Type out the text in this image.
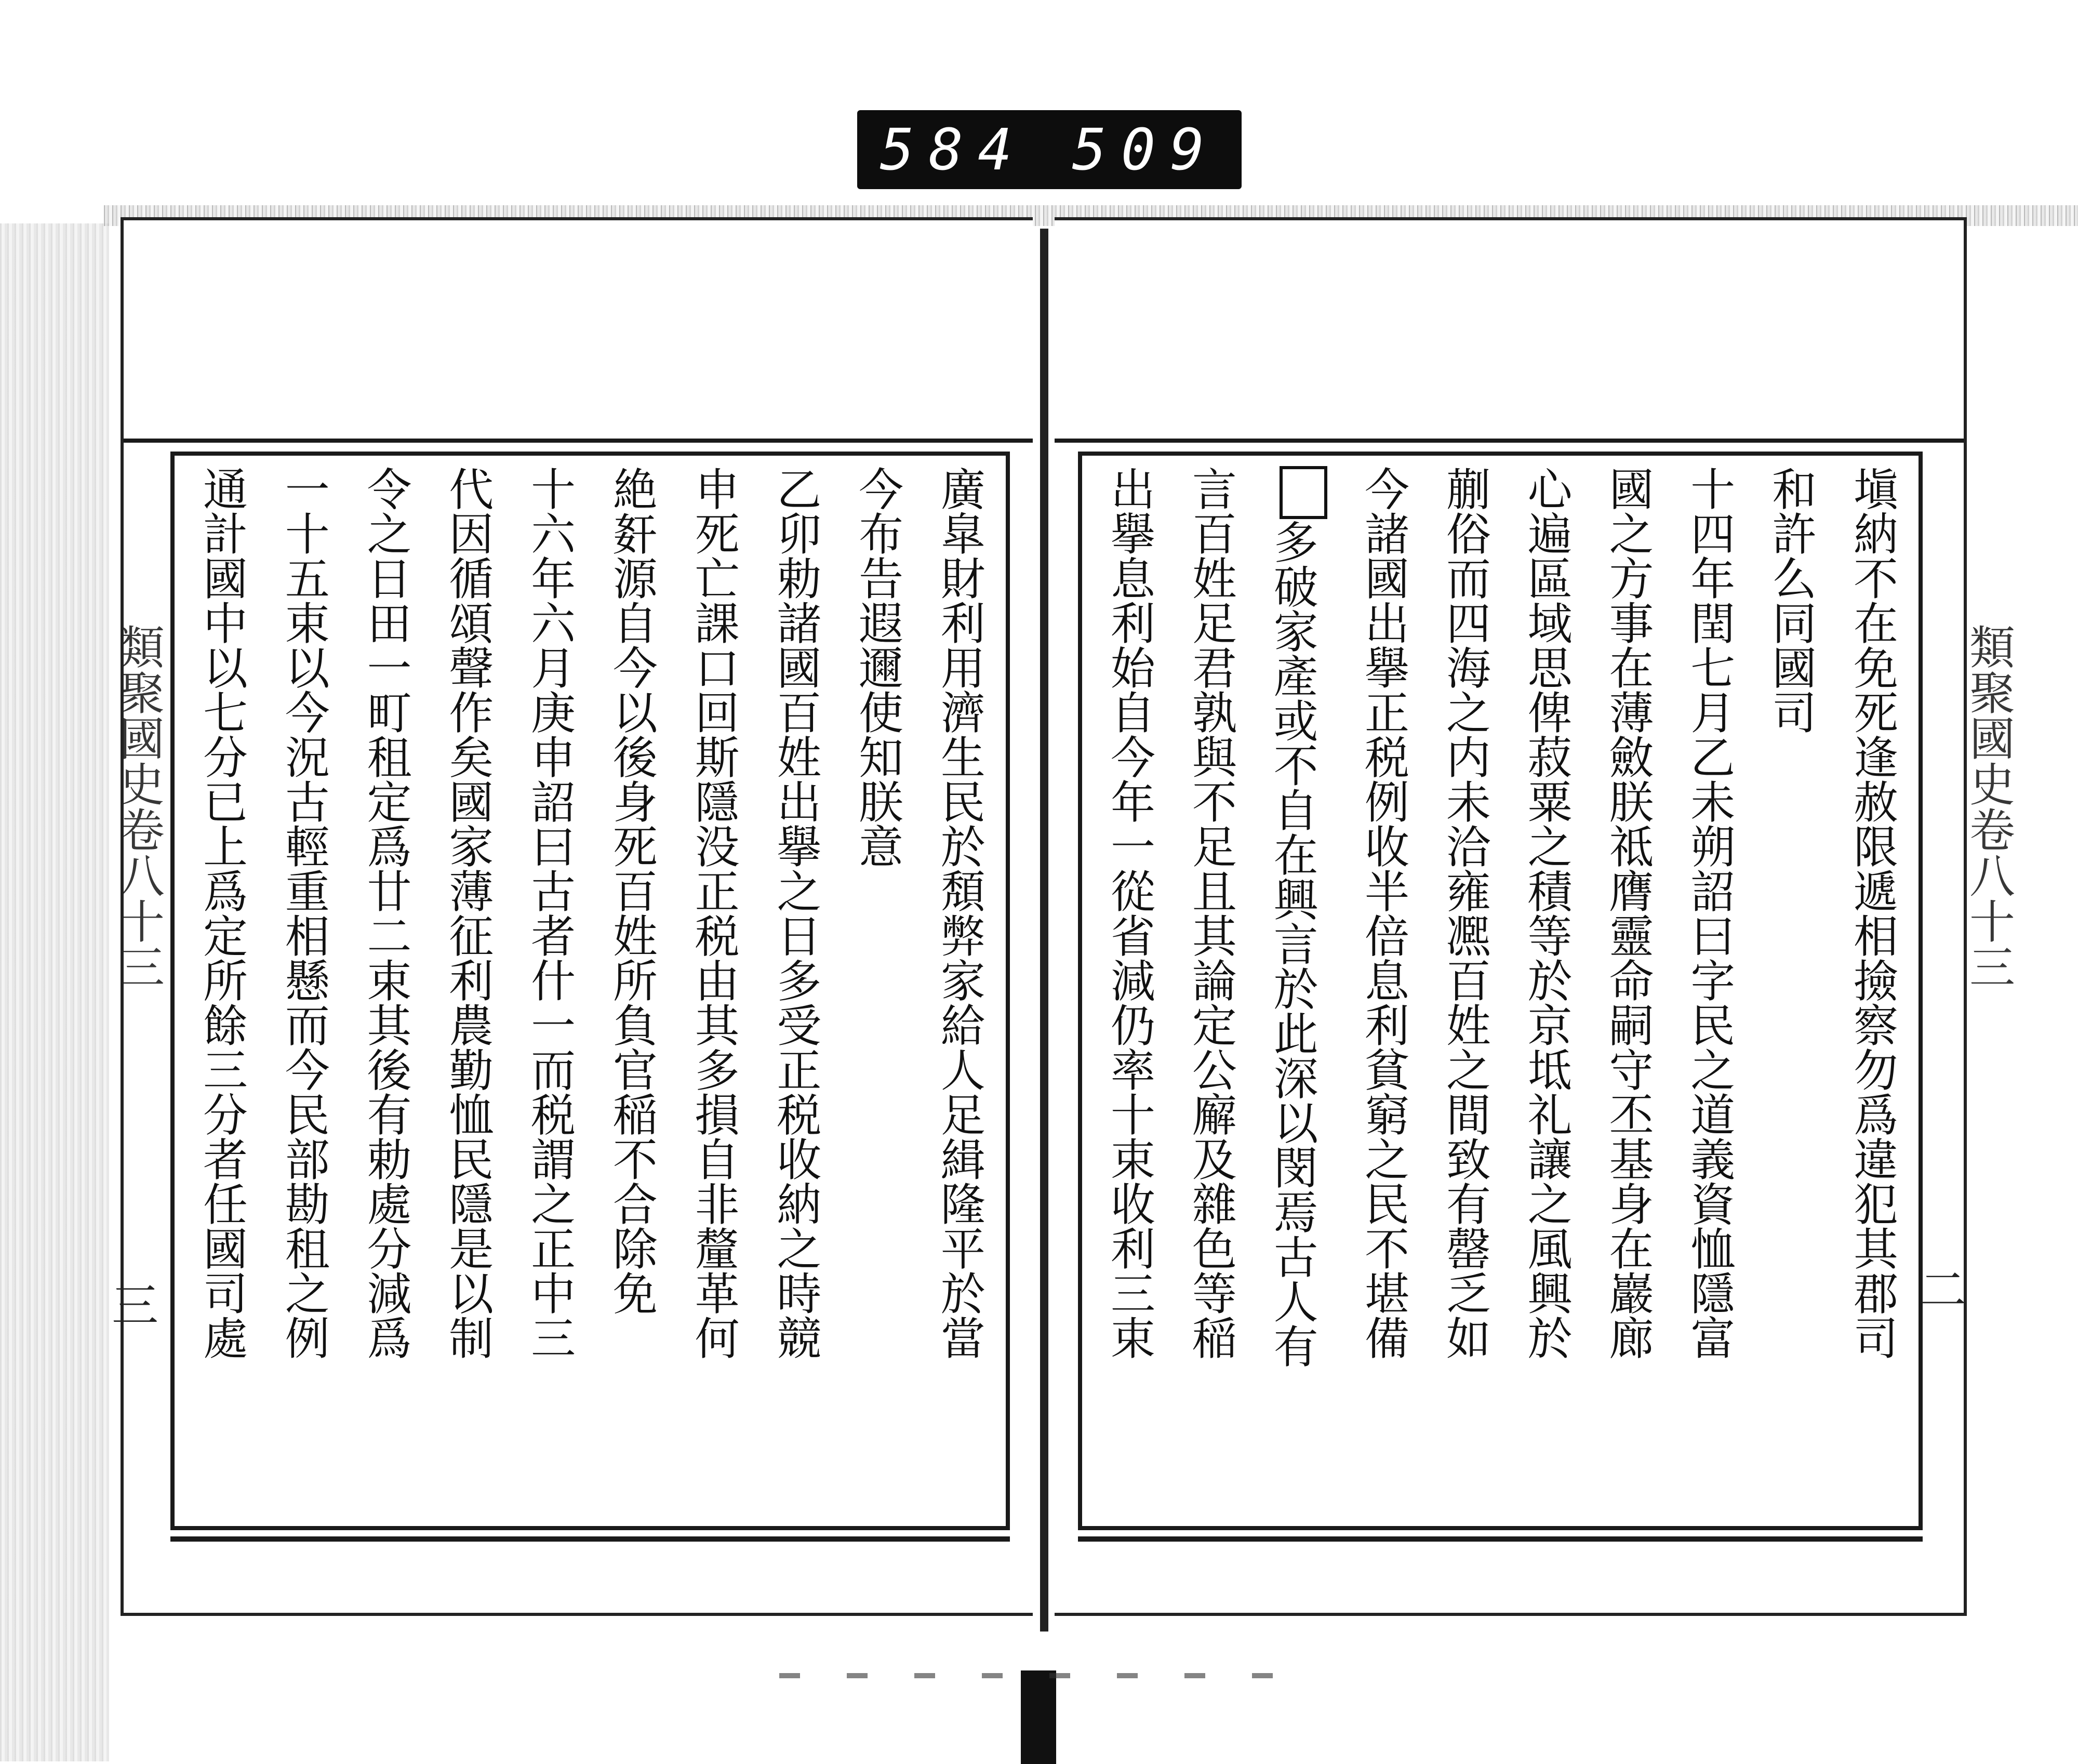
584 509
廣皐財利用濟生民於頽弊家給人足緝隆平於當
今布告遐邇使知朕意
乙卯勅諸國百姓出擧之日多受正税收納之時競
申死亡課口回斯隱没正税由其多損自非釐革何
絶姧源自今以後身死百姓所負官稲不合除免
十六年六月庚申詔曰古者什一而税謂之正中三
代因循頌聲作矣國家薄征利農勤恤民隱是以制
令之日田一町租定爲廿二束其後有勅處分減爲
一十五束以今況古輕重相懸而今民部勘租之例
通計國中以七分已上爲定所餘三分者任國司處	塡納不在免死逢赦限遞相撿察勿爲違犯其郡司
和許么同國司
十四年閏七月乙未朔詔曰字民之道義資恤隱富
國之方事在薄斂朕祗膺靈命嗣守丕基身在巖廊
心遍區域思俾菽粟之積等於京坻礼讓之風興於
蒯俗而四海之内未洽雍凞百姓之間致有罄乏如
今諸國出擧正税例收半倍息利貧窮之民不堪備
多破家產或不自在興言於此深以閔焉古人有
言百姓足君孰與不足且其論定公廨及雜色等稲
出擧息利始自今年一從省減仍率十束收利三束
類聚國史卷八十三
三
類聚國史卷八十三
二
